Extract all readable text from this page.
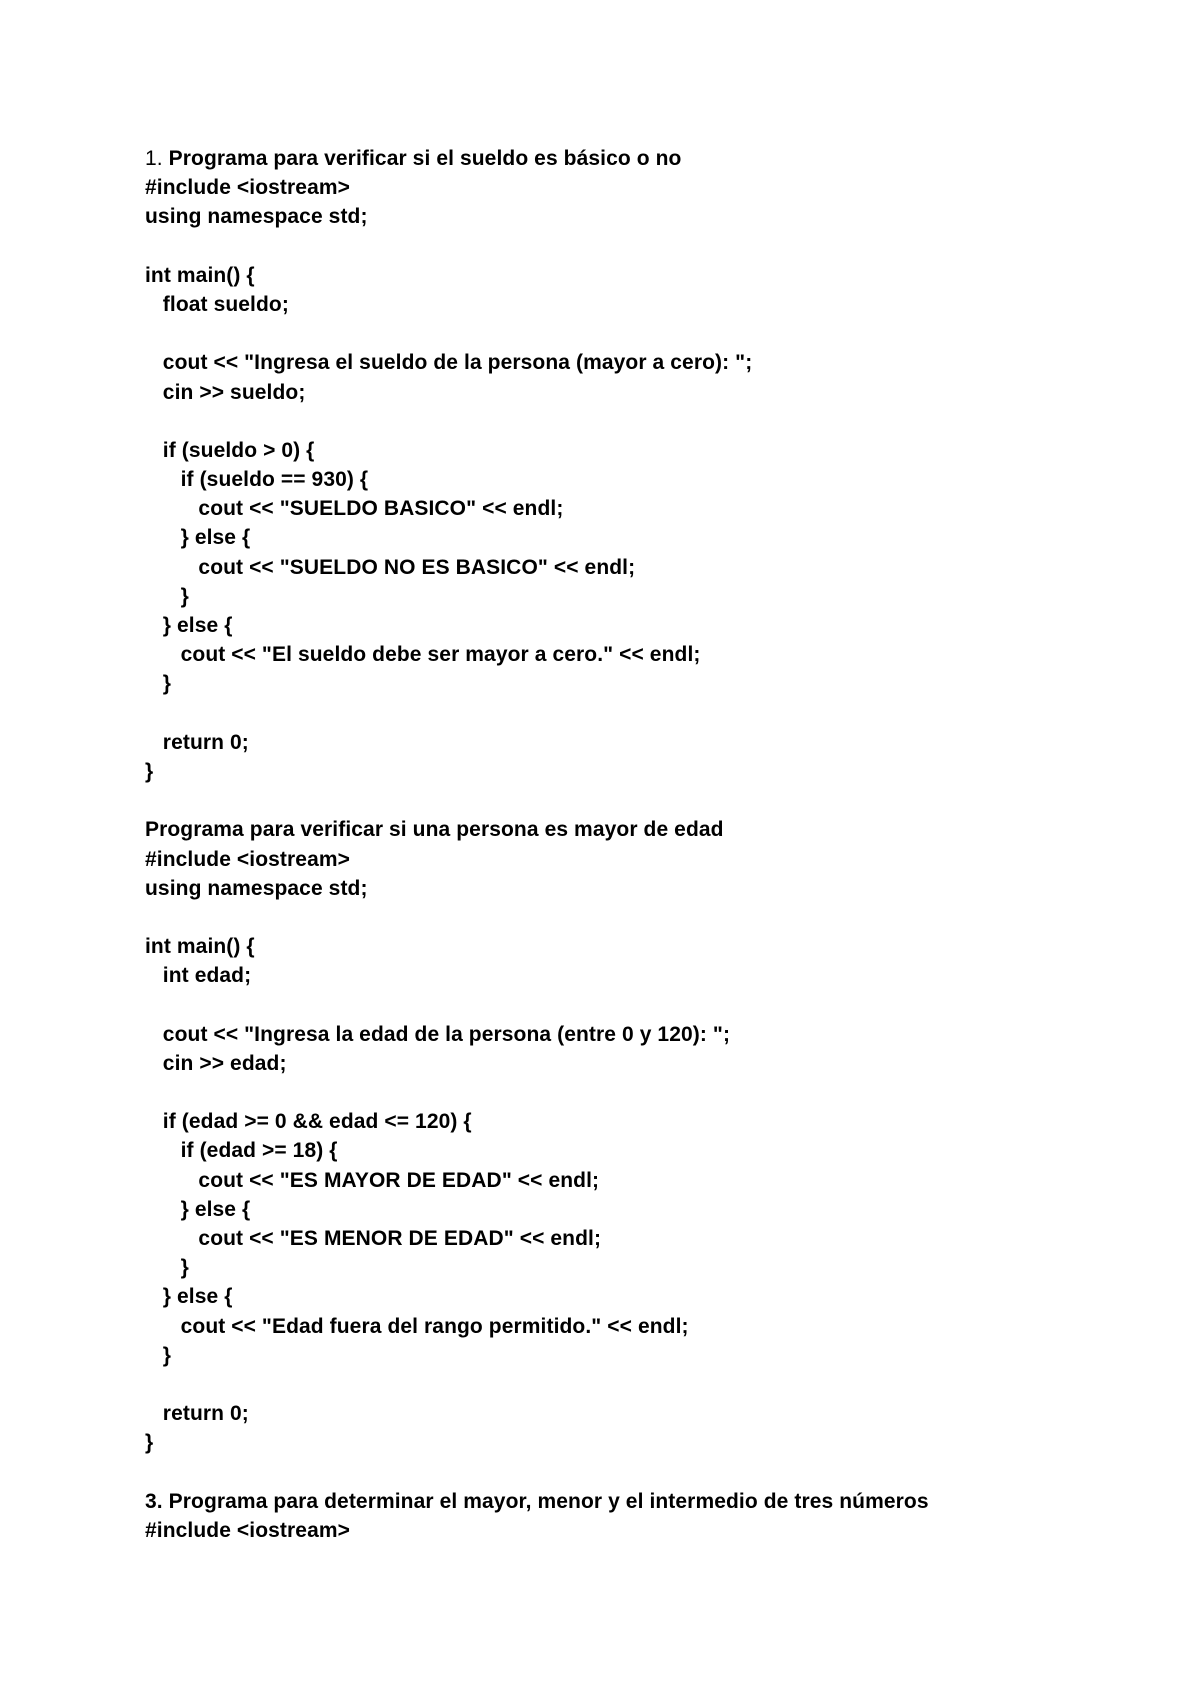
1. Programa para verificar si el sueldo es básico o no
#include <iostream>
using namespace std;
int main() {
float sueldo;
cout << "Ingresa el sueldo de la persona (mayor a cero): ";
cin >> sueldo;
if (sueldo > 0) {
if (sueldo == 930) {
cout << "SUELDO BASICO" << endl;
} else {
cout << "SUELDO NO ES BASICO" << endl;
}
} else {
cout << "El sueldo debe ser mayor a cero." << endl;
}
return 0;
}
Programa para verificar si una persona es mayor de edad
#include <iostream>
using namespace std;
int main() {
int edad;
cout << "Ingresa la edad de la persona (entre 0 y 120): ";
cin >> edad;
if (edad >= 0 && edad <= 120) {
if (edad >= 18) {
cout << "ES MAYOR DE EDAD" << endl;
} else {
cout << "ES MENOR DE EDAD" << endl;
}
} else {
cout << "Edad fuera del rango permitido." << endl;
}
return 0;
}
3. Programa para determinar el mayor, menor y el intermedio de tres números
#include <iostream>
